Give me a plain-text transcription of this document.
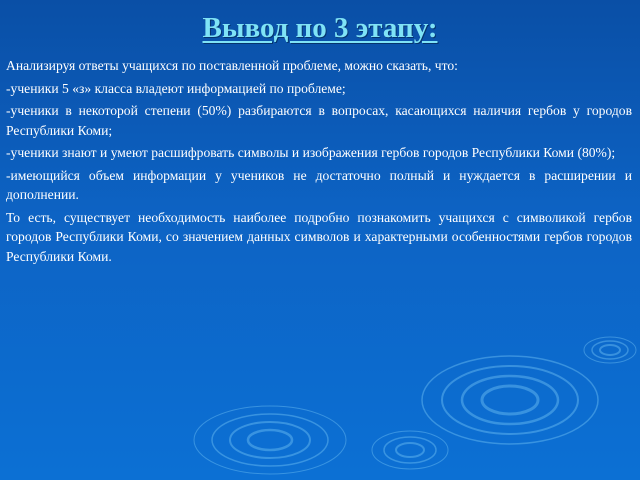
Вывод по 3 этапу:

Анализируя ответы учащихся по поставленной проблеме, можно сказать, что:

-ученики 5 «з» класса владеют информацией по проблеме;

-ученики в некоторой степени (50%) разбираются в вопросах, касающихся наличия гербов у городов Республики Коми;

-ученики знают и умеют расшифровать символы и изображения гербов городов Республики Коми (80%);

-имеющийся объем информации у учеников не достаточно полный и нуждается в расширении и дополнении.

То есть, существует необходимость наиболее подробно познакомить учащихся с символикой гербов городов Республики Коми, со значением данных символов и характерными особенностями гербов городов Республики Коми.
